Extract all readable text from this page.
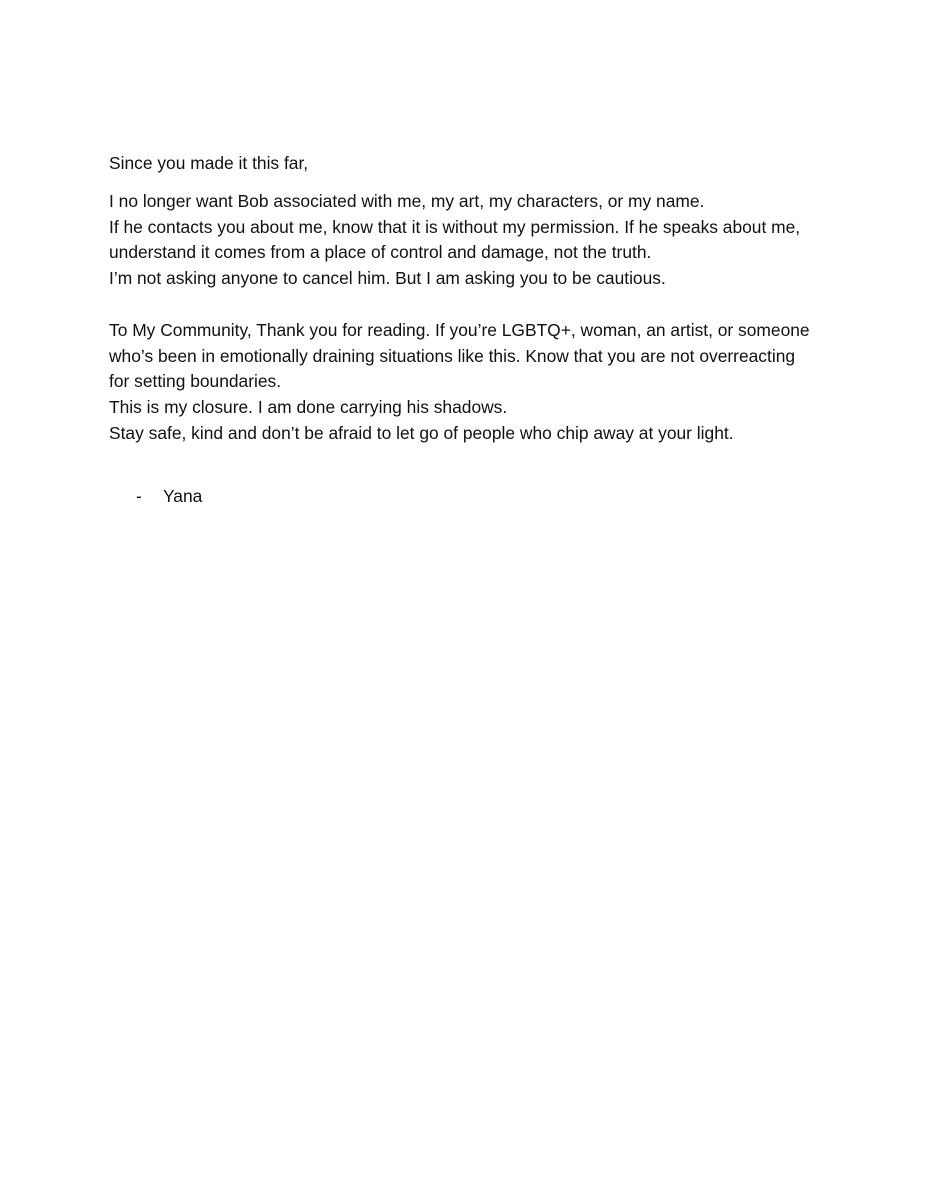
Since you made it this far,

I no longer want Bob associated with me, my art, my characters, or my name.
If he contacts you about me, know that it is without my permission. If he speaks about me,
understand it comes from a place of control and damage, not the truth.
I’m not asking anyone to cancel him. But I am asking you to be cautious.

To My Community, Thank you for reading. If you’re LGBTQ+, woman, an artist, or someone
who’s been in emotionally draining situations like this. Know that you are not overreacting
for setting boundaries.
This is my closure. I am done carrying his shadows.
Stay safe, kind and don’t be afraid to let go of people who chip away at your light.

- Yana
